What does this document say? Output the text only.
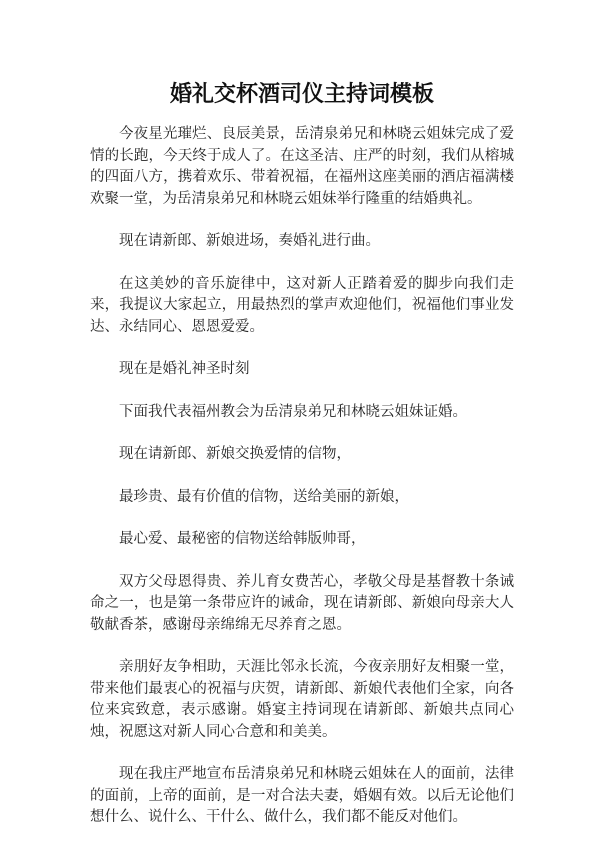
婚礼交杯酒司仪主持词模板

今夜星光璀烂、良辰美景，岳清泉弟兄和林晓云姐妹完成了爱情的长跑，今天终于成人了。在这圣洁、庄严的时刻，我们从榕城的四面八方，携着欢乐、带着祝福，在福州这座美丽的酒店福满楼欢聚一堂，为岳清泉弟兄和林晓云姐妹举行隆重的结婚典礼。

现在请新郎、新娘进场，奏婚礼进行曲。

在这美妙的音乐旋律中，这对新人正踏着爱的脚步向我们走来，我提议大家起立，用最热烈的掌声欢迎他们，祝福他们事业发达、永结同心、恩恩爱爱。

现在是婚礼神圣时刻

下面我代表福州教会为岳清泉弟兄和林晓云姐妹证婚。

现在请新郎、新娘交换爱情的信物，

最珍贵、最有价值的信物，送给美丽的新娘，

最心爱、最秘密的信物送给韩版帅哥，

双方父母恩得贵、养儿育女费苦心，孝敬父母是基督教十条诫命之一，也是第一条带应许的诫命，现在请新郎、新娘向母亲大人敬献香茶，感谢母亲绵绵无尽养育之恩。

亲朋好友争相助，天涯比邻永长流，今夜亲朋好友相聚一堂，带来他们最衷心的祝福与庆贺，请新郎、新娘代表他们全家，向各位来宾致意，表示感谢。婚宴主持词现在请新郎、新娘共点同心烛，祝愿这对新人同心合意和和美美。

现在我庄严地宣布岳清泉弟兄和林晓云姐妹在人的面前，法律的面前，上帝的面前，是一对合法夫妻，婚姻有效。以后无论他们想什么、说什么、干什么、做什么，我们都不能反对他们。
